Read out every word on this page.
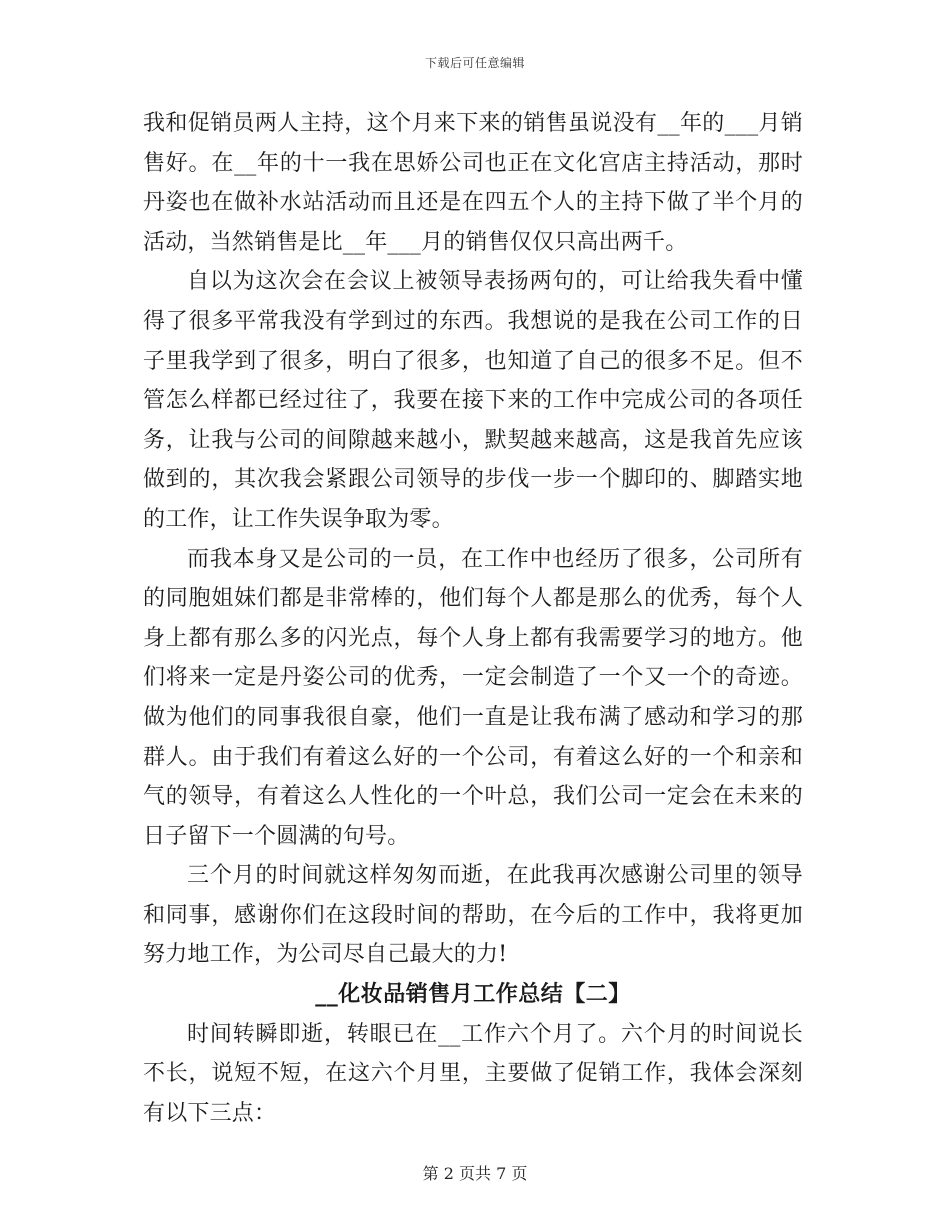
下载后可任意编辑

我和促销员两人主持，这个月来下来的销售虽说没有__年的___月销售好。在__年的十一我在思娇公司也正在文化宫店主持活动，那时丹姿也在做补水站活动而且还是在四五个人的主持下做了半个月的活动，当然销售是比__年___月的销售仅仅只高出两千。

自以为这次会在会议上被领导表扬两句的，可让给我失看中懂得了很多平常我没有学到过的东西。我想说的是我在公司工作的日子里我学到了很多，明白了很多，也知道了自己的很多不足。但不管怎么样都已经过往了，我要在接下来的工作中完成公司的各项任务，让我与公司的间隙越来越小，默契越来越高，这是我首先应该做到的，其次我会紧跟公司领导的步伐一步一个脚印的、脚踏实地的工作，让工作失误争取为零。

而我本身又是公司的一员，在工作中也经历了很多，公司所有的同胞姐妹们都是非常棒的，他们每个人都是那么的优秀，每个人身上都有那么多的闪光点，每个人身上都有我需要学习的地方。他们将来一定是丹姿公司的优秀，一定会制造了一个又一个的奇迹。做为他们的同事我很自豪，他们一直是让我布满了感动和学习的那群人。由于我们有着这么好的一个公司，有着这么好的一个和亲和气的领导，有着这么人性化的一个叶总，我们公司一定会在未来的日子留下一个圆满的句号。

三个月的时间就这样匆匆而逝，在此我再次感谢公司里的领导和同事，感谢你们在这段时间的帮助，在今后的工作中，我将更加努力地工作，为公司尽自己最大的力!

__化妆品销售月工作总结【二】

时间转瞬即逝，转眼已在__工作六个月了。六个月的时间说长不长，说短不短，在这六个月里，主要做了促销工作，我体会深刻有以下三点：

第 2 页共 7 页
